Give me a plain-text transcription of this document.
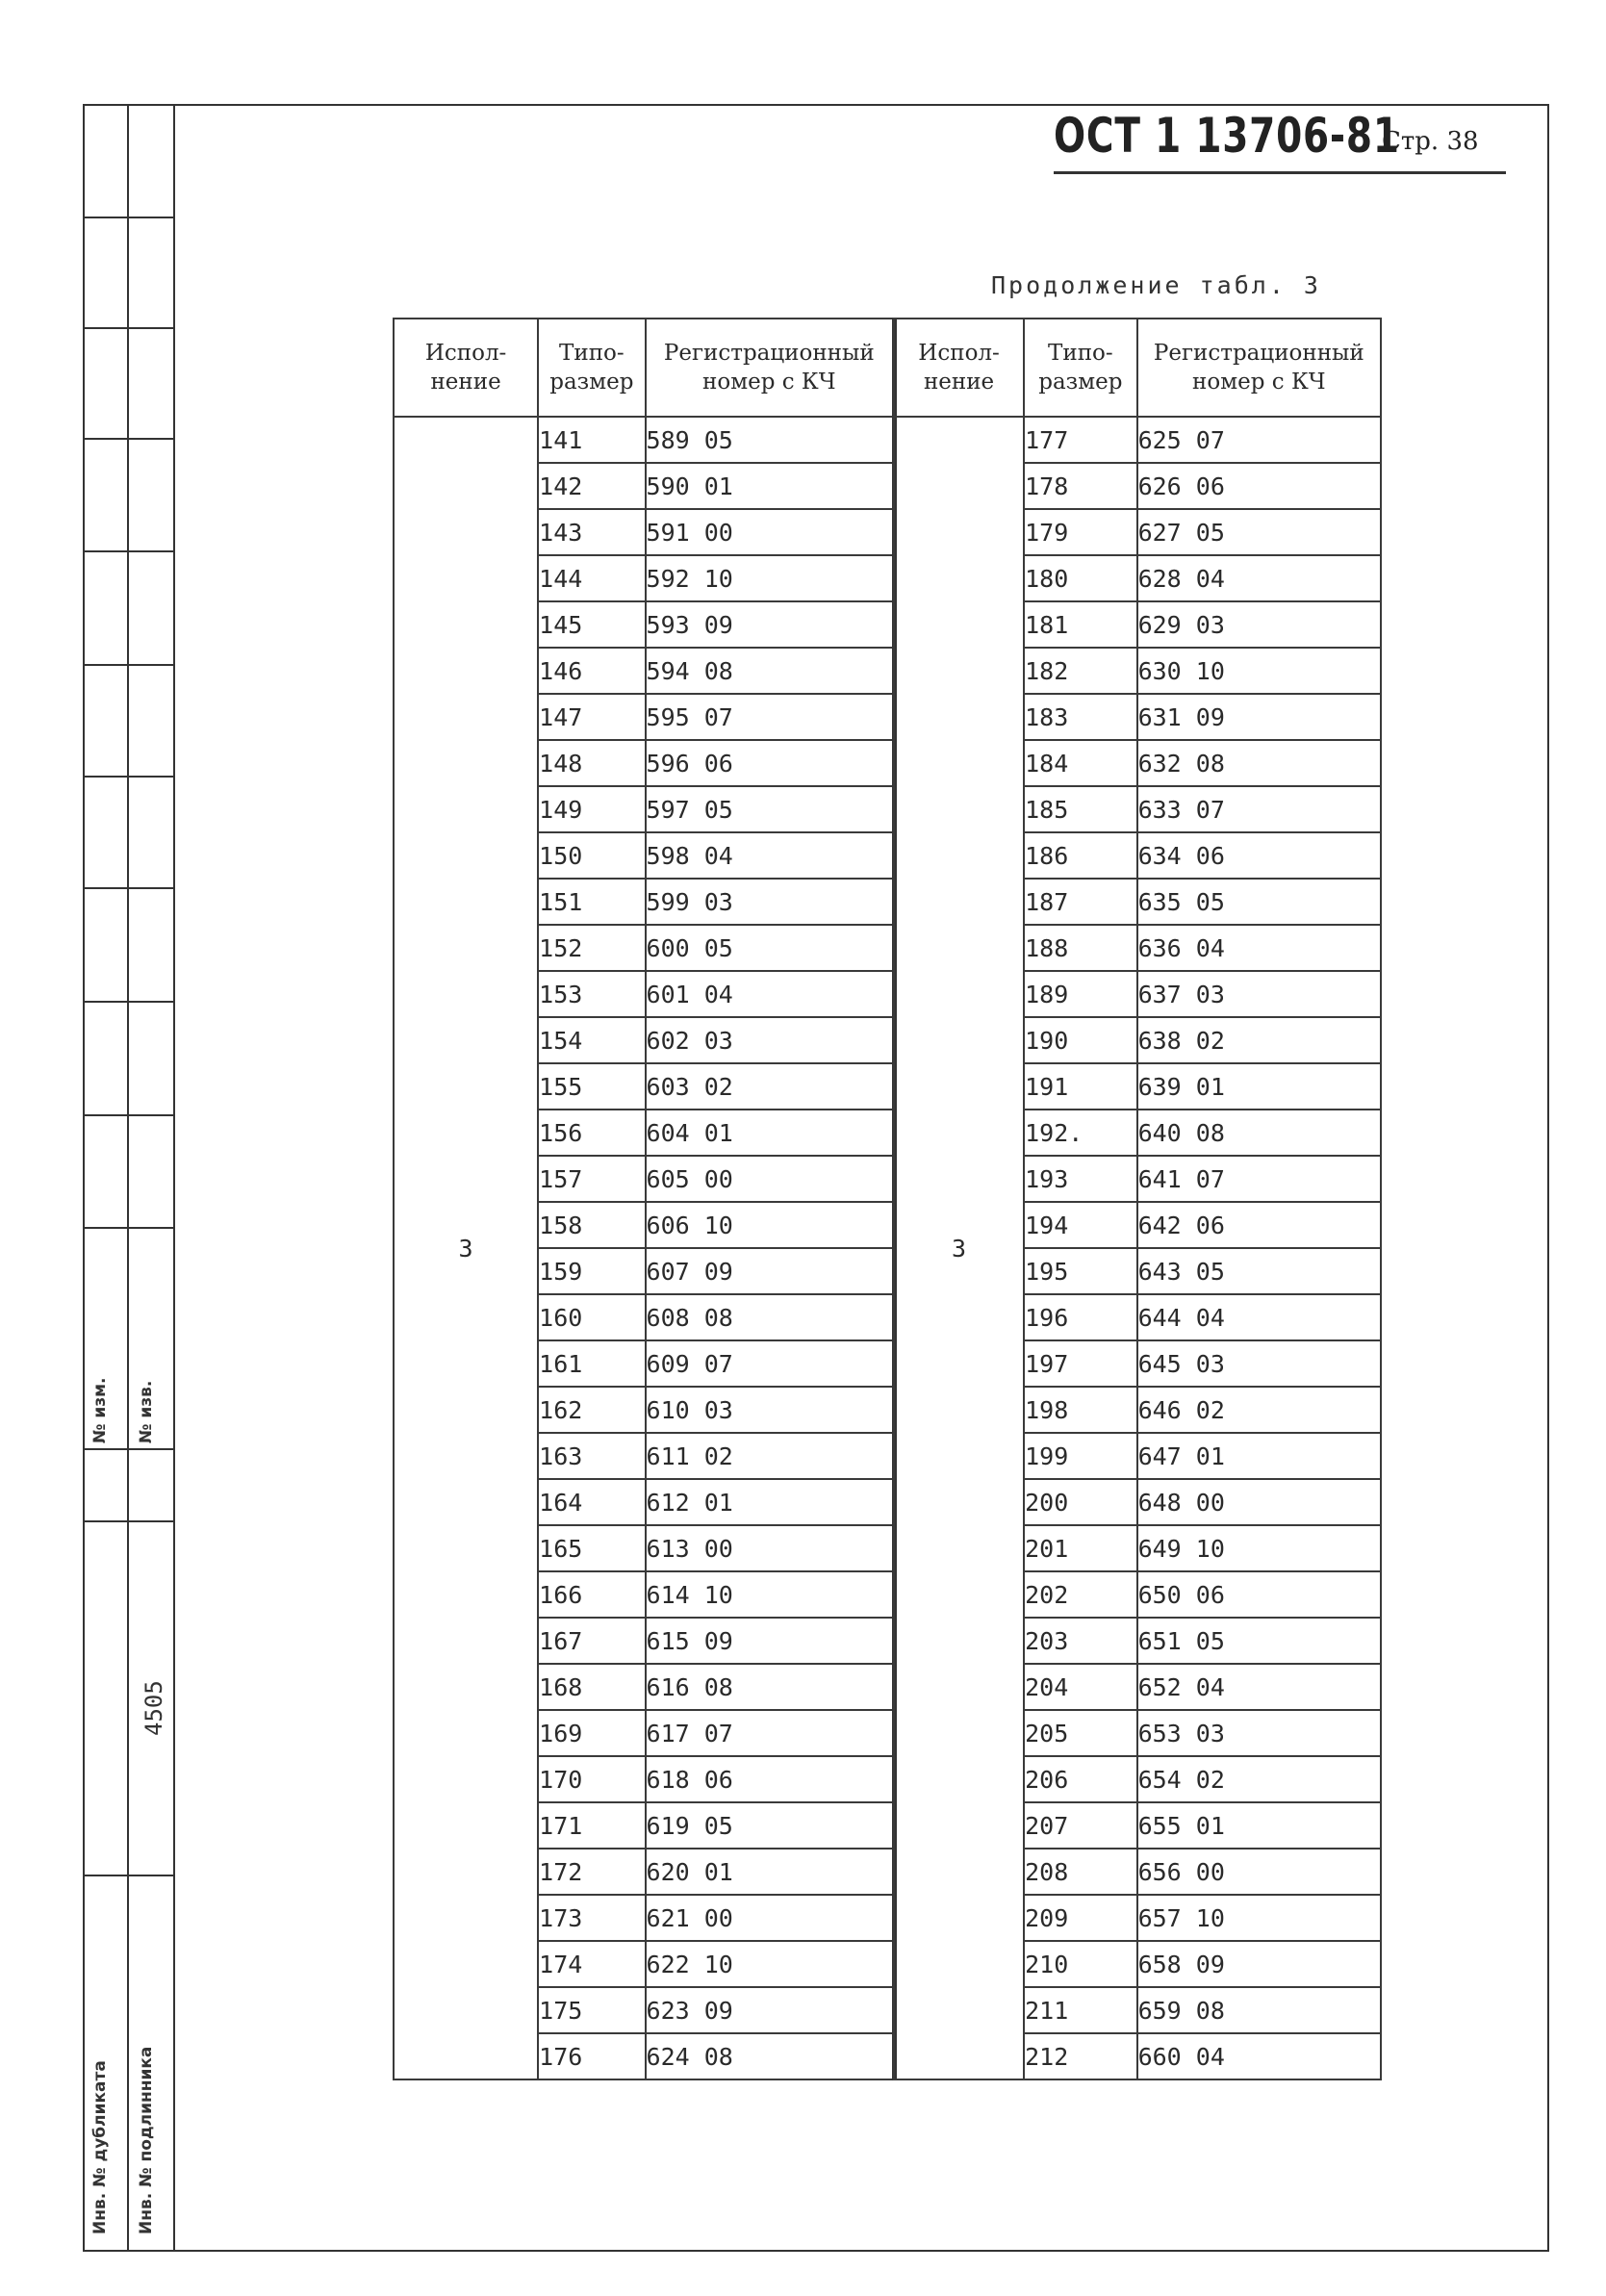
№ изм. № изв.
Инв. № дубликата Инв. № подлинника
4505
ОСТ 1 13706-81
Стр. 38
Продолжение табл. 3
Испол-
нение	Типо-
размер	Регистрационный
номер с КЧ
3	141	589 05
	142	590 01
	143	591 00
	144	592 10
	145	593 09
	146	594 08
	147	595 07
	148	596 06
	149	597 05
	150	598 04
	151	599 03
	152	600 05
	153	601 04
	154	602 03
	155	603 02
	156	604 01
	157	605 00
	158	606 10
	159	607 09
	160	608 08
	161	609 07
	162	610 03
	163	611 02
	164	612 01
	165	613 00
	166	614 10
	167	615 09
	168	616 08
	169	617 07
	170	618 06
	171	619 05
	172	620 01
	173	621 00
	174	622 10
	175	623 09
	176	624 08
Испол-
нение	Типо-
размер	Регистрационный
номер с КЧ
3	177	625 07
	178	626 06
	179	627 05
	180	628 04
	181	629 03
	182	630 10
	183	631 09
	184	632 08
	185	633 07
	186	634 06
	187	635 05
	188	636 04
	189	637 03
	190	638 02
	191	639 01
	192.	640 08
	193	641 07
	194	642 06
	195	643 05
	196	644 04
	197	645 03
	198	646 02
	199	647 01
	200	648 00
	201	649 10
	202	650 06
	203	651 05
	204	652 04
	205	653 03
	206	654 02
	207	655 01
	208	656 00
	209	657 10
	210	658 09
	211	659 08
	212	660 04
